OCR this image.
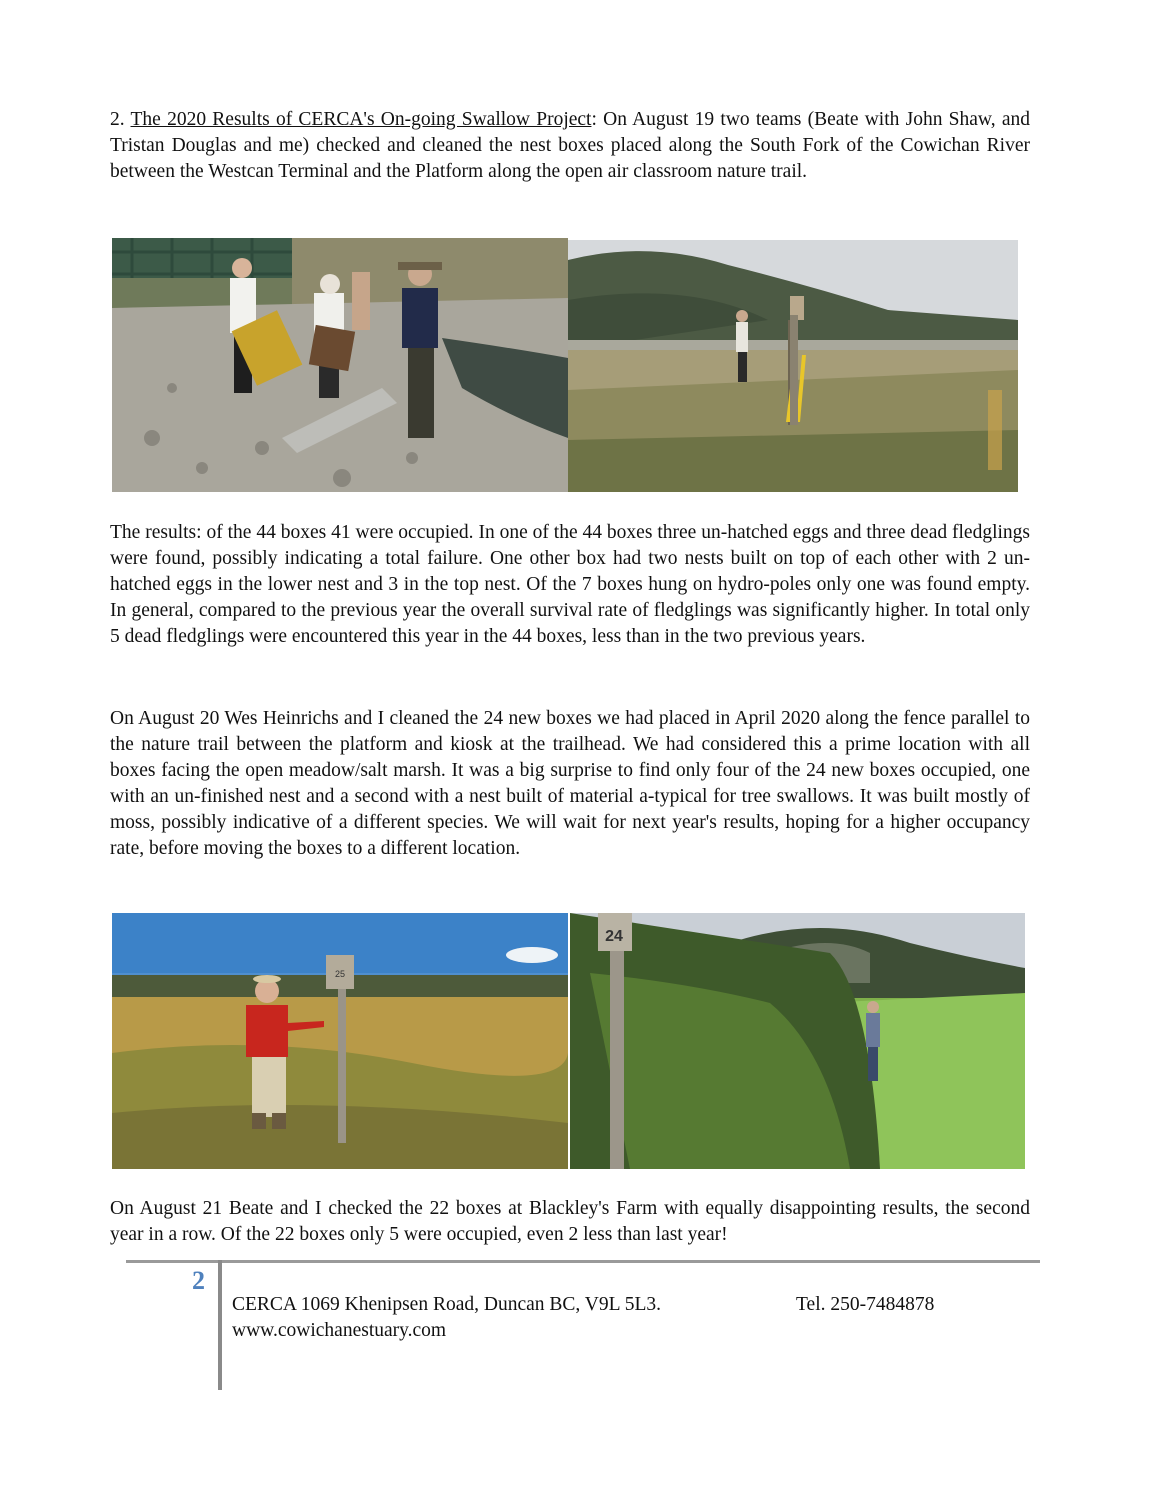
2. The 2020 Results of CERCA's On-going Swallow Project: On August 19 two teams (Beate with John Shaw, and Tristan Douglas and me) checked and cleaned the nest boxes placed along the South Fork of the Cowichan River between the Westcan Terminal and the Platform along the open air classroom nature trail.

The results: of the 44 boxes 41 were occupied. In one of the 44 boxes three un-hatched eggs and three dead fledglings were found, possibly indicating a total failure. One other box had two nests built on top of each other with 2 un-hatched eggs in the lower nest and 3 in the top nest. Of the 7 boxes hung on hydro-poles only one was found empty. In general, compared to the previous year the overall survival rate of fledglings was significantly higher. In total only 5 dead fledglings were encountered this year in the 44 boxes, less than in the two previous years.

On August 20 Wes Heinrichs and I cleaned the 24 new boxes we had placed in April 2020 along the fence parallel to the nature trail between the platform and kiosk at the trailhead. We had considered this a prime location with all boxes facing the open meadow/salt marsh. It was a big surprise to find only four of the 24 new boxes occupied, one with an un-finished nest and a second with a nest built of material a-typical for tree swallows. It was built mostly of moss, possibly indicative of a different species. We will wait for next year's results, hoping for a higher occupancy rate, before moving the boxes to a different location.

25
24

On August 21 Beate and I checked the 22 boxes at Blackley's Farm with equally disappointing results, the second year in a row. Of the 22 boxes only 5 were occupied, even 2 less than last year!

2
CERCA 1069 Khenipsen Road, Duncan BC, V9L 5L3.
www.cowichanestuary.com
Tel. 250-7484878
